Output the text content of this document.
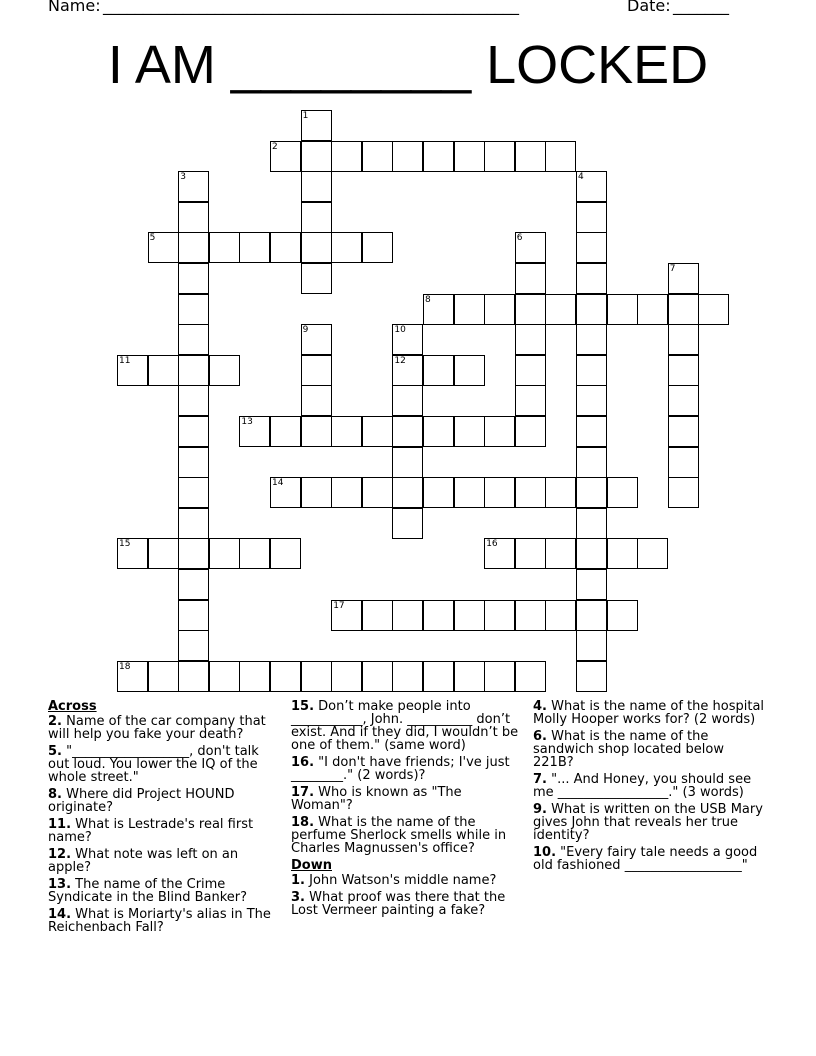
Name: ____________________________________________________	Date: _______
I AM ________ LOCKED
1
2
3	4
5	6
7
8
9	10
11	12
13
14
15	16
17
18
Across
2. Name of the car company that will help you fake your death?
5. "__________________, don't talk out loud. You lower the IQ of the whole street."
8. Where did Project HOUND originate?
11. What is Lestrade's real first name?
12. What note was left on an apple?
13. The name of the Crime Syndicate in the Blind Banker?
14. What is Moriarty's alias in The Reichenbach Fall?
15. Don’t make people into ___________, John. __________ don’t exist. And if they did, I wouldn’t be one of them." (same word)
16. "I don't have friends; I've just ________." (2 words)?
17. Who is known as "The Woman"?
18. What is the name of the perfume Sherlock smells while in Charles Magnussen's office?
Down
1. John Watson's middle name?
3. What proof was there that the Lost Vermeer painting a fake?
4. What is the name of the hospital Molly Hooper works for? (2 words)
6. What is the name of the sandwich shop located below 221B?
7. "... And Honey, you should see me _________________." (3 words)
9. What is written on the USB Mary gives John that reveals her true identity?
10. "Every fairy tale needs a good old fashioned __________________"
